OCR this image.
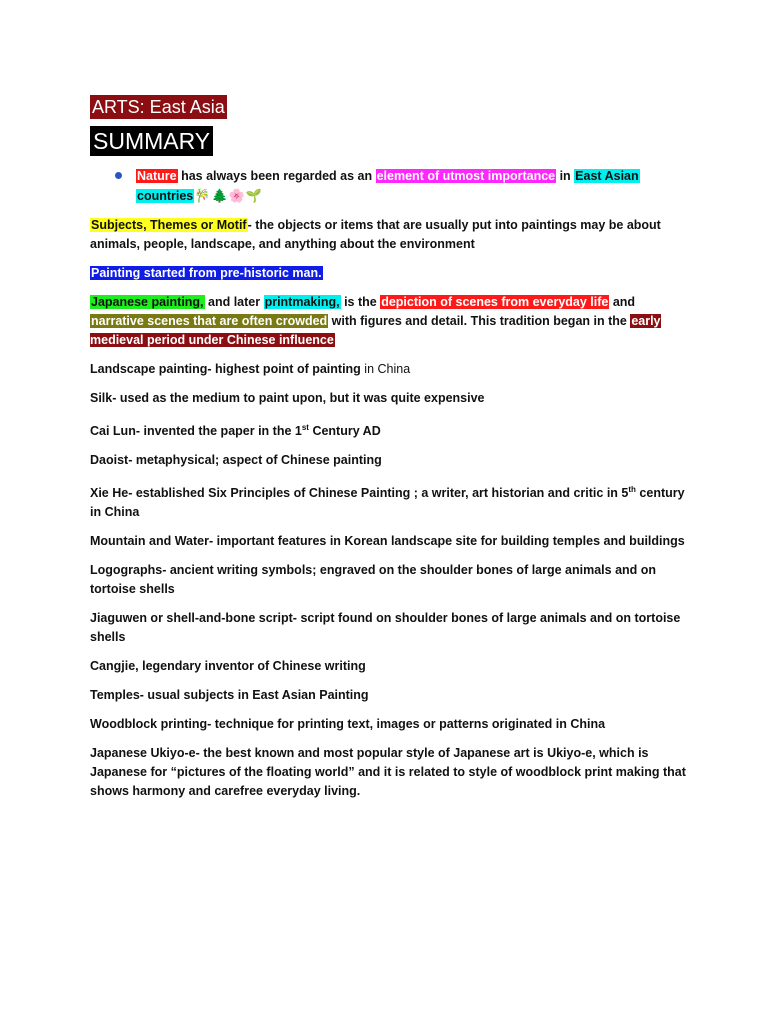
ARTS: East Asia
SUMMARY
Nature has always been regarded as an element of utmost importance in East Asian
countries🎋🌲🌸🌱

Subjects, Themes or Motif- the objects or items that are usually put into paintings may be about animals, people, landscape, and anything about the environment

Painting started from pre-historic man.

Japanese painting, and later printmaking, is the depiction of scenes from everyday life and narrative scenes that are often crowded with figures and detail. This tradition began in the early medieval period under Chinese influence

Landscape painting- highest point of painting in China

Silk- used as the medium to paint upon, but it was quite expensive

Cai Lun- invented the paper in the 1st Century AD

Daoist- metaphysical; aspect of Chinese painting

Xie He- established Six Principles of Chinese Painting ; a writer, art historian and critic in 5th century in China

Mountain and Water- important features in Korean landscape site for building temples and buildings

Logographs- ancient writing symbols; engraved on the shoulder bones of large animals and on tortoise shells

Jiaguwen or shell-and-bone script- script found on shoulder bones of large animals and on tortoise shells

Cangjie, legendary inventor of Chinese writing

Temples- usual subjects in East Asian Painting

Woodblock printing- technique for printing text, images or patterns originated in China

Japanese Ukiyo-e- the best known and most popular style of Japanese art is Ukiyo-e, which is Japanese for “pictures of the floating world” and it is related to style of woodblock print making that shows harmony and carefree everyday living.
